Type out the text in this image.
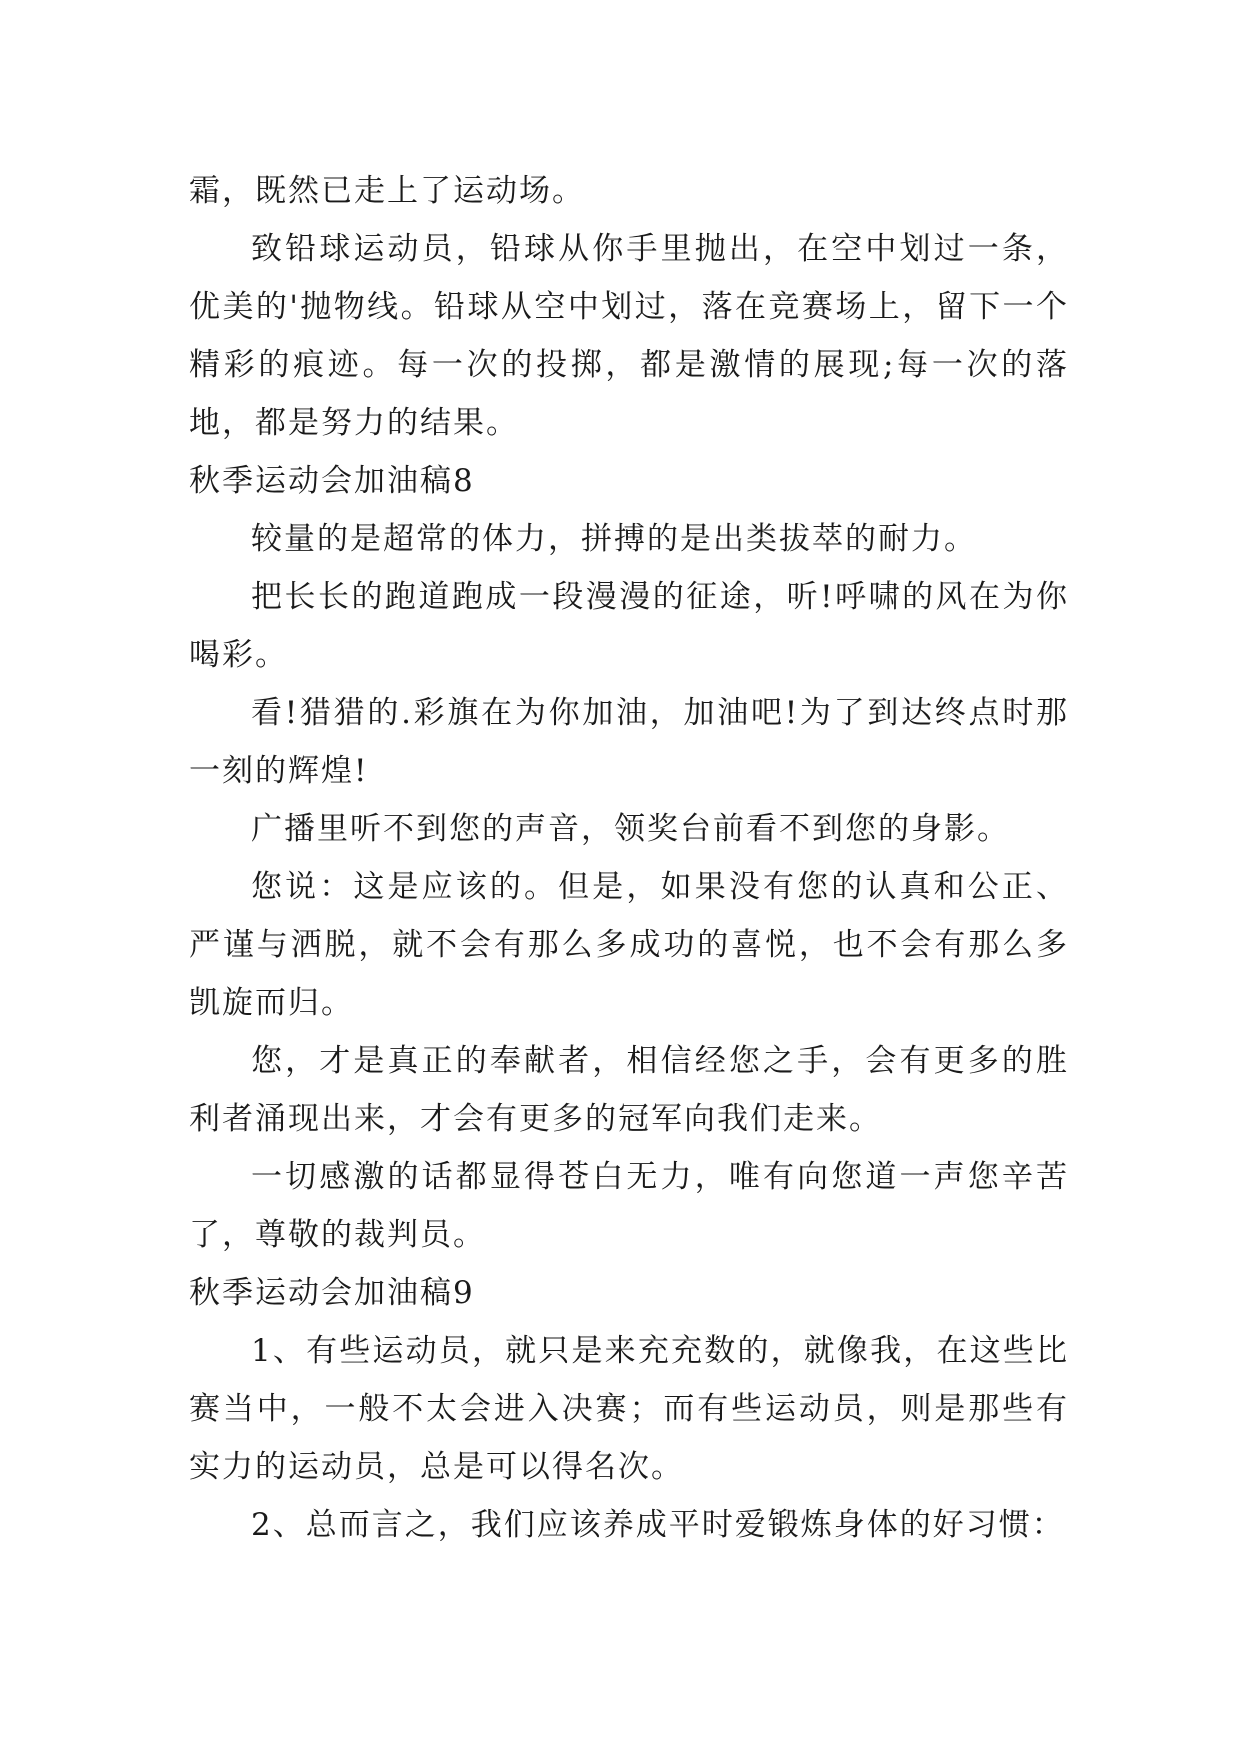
霜，既然已走上了运动场。

致铅球运动员，铅球从你手里抛出，在空中划过一条，优美的'抛物线。铅球从空中划过，落在竞赛场上，留下一个精彩的痕迹。每一次的投掷，都是激情的展现;每一次的落地，都是努力的结果。

秋季运动会加油稿8

较量的是超常的体力，拼搏的是出类拔萃的耐力。

把长长的跑道跑成一段漫漫的征途，听!呼啸的风在为你喝彩。

看!猎猎的.彩旗在为你加油，加油吧!为了到达终点时那一刻的辉煌!

广播里听不到您的声音，领奖台前看不到您的身影。

您说：这是应该的。但是，如果没有您的认真和公正、严谨与洒脱，就不会有那么多成功的喜悦，也不会有那么多凯旋而归。

您，才是真正的奉献者，相信经您之手，会有更多的胜利者涌现出来，才会有更多的冠军向我们走来。

一切感激的话都显得苍白无力，唯有向您道一声您辛苦了，尊敬的裁判员。

秋季运动会加油稿9

1、有些运动员，就只是来充充数的，就像我，在这些比赛当中，一般不太会进入决赛；而有些运动员，则是那些有实力的运动员，总是可以得名次。

2、总而言之，我们应该养成平时爱锻炼身体的好习惯：
